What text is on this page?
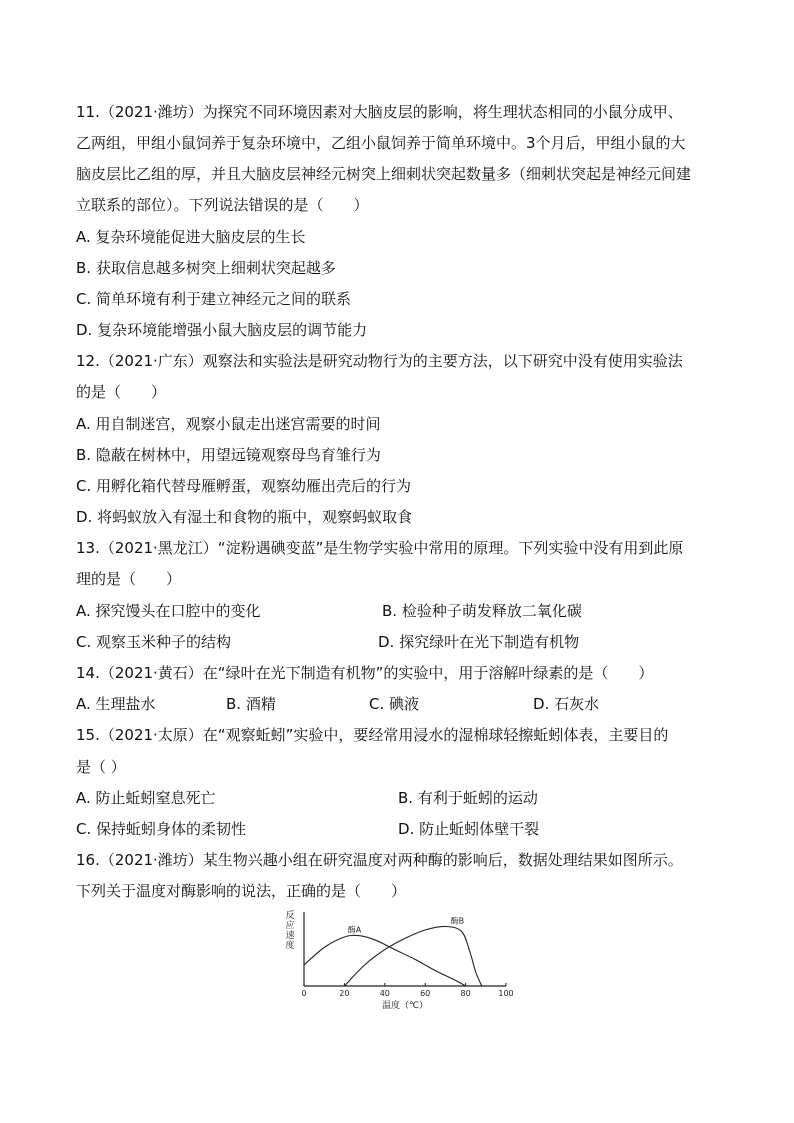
11.（2021·潍坊）为探究不同环境因素对大脑皮层的影响，将生理状态相同的小鼠分成甲、
乙两组，甲组小鼠饲养于复杂环境中，乙组小鼠饲养于简单环境中。3个月后，甲组小鼠的大
脑皮层比乙组的厚，并且大脑皮层神经元树突上细刺状突起数量多（细刺状突起是神经元间建
立联系的部位）。下列说法错误的是（　　）
A. 复杂环境能促进大脑皮层的生长
B. 获取信息越多树突上细刺状突起越多
C. 简单环境有利于建立神经元之间的联系
D. 复杂环境能增强小鼠大脑皮层的调节能力
12.（2021·广东）观察法和实验法是研究动物行为的主要方法，以下研究中没有使用实验法
的是（　　）
A. 用自制迷宫，观察小鼠走出迷宫需要的时间
B. 隐蔽在树林中，用望远镜观察母鸟育雏行为
C. 用孵化箱代替母雁孵蛋，观察幼雁出壳后的行为
D. 将蚂蚁放入有湿土和食物的瓶中，观察蚂蚁取食
13.（2021·黑龙江）“淀粉遇碘变蓝”是生物学实验中常用的原理。下列实验中没有用到此原
理的是（　　）
A. 探究馒头在口腔中的变化	B. 检验种子萌发释放二氧化碳
C. 观察玉米种子的结构	D. 探究绿叶在光下制造有机物
14.（2021·黄石）在“绿叶在光下制造有机物”的实验中，用于溶解叶绿素的是（　　）
A. 生理盐水	B. 酒精	C. 碘液	D. 石灰水
15.（2021·太原）在“观察蚯蚓”实验中，要经常用浸水的湿棉球轻擦蚯蚓体表，主要目的
是（ ）
A. 防止蚯蚓窒息死亡	B. 有利于蚯蚓的运动
C. 保持蚯蚓身体的柔韧性	D. 防止蚯蚓体壁干裂
16.（2021·潍坊）某生物兴趣小组在研究温度对两种酶的影响后，数据处理结果如图所示。
下列关于温度对酶影响的说法，正确的是（　　）
反
应
速
度
0	20	40	60	80	100
酶A
酶B
温度（℃）
